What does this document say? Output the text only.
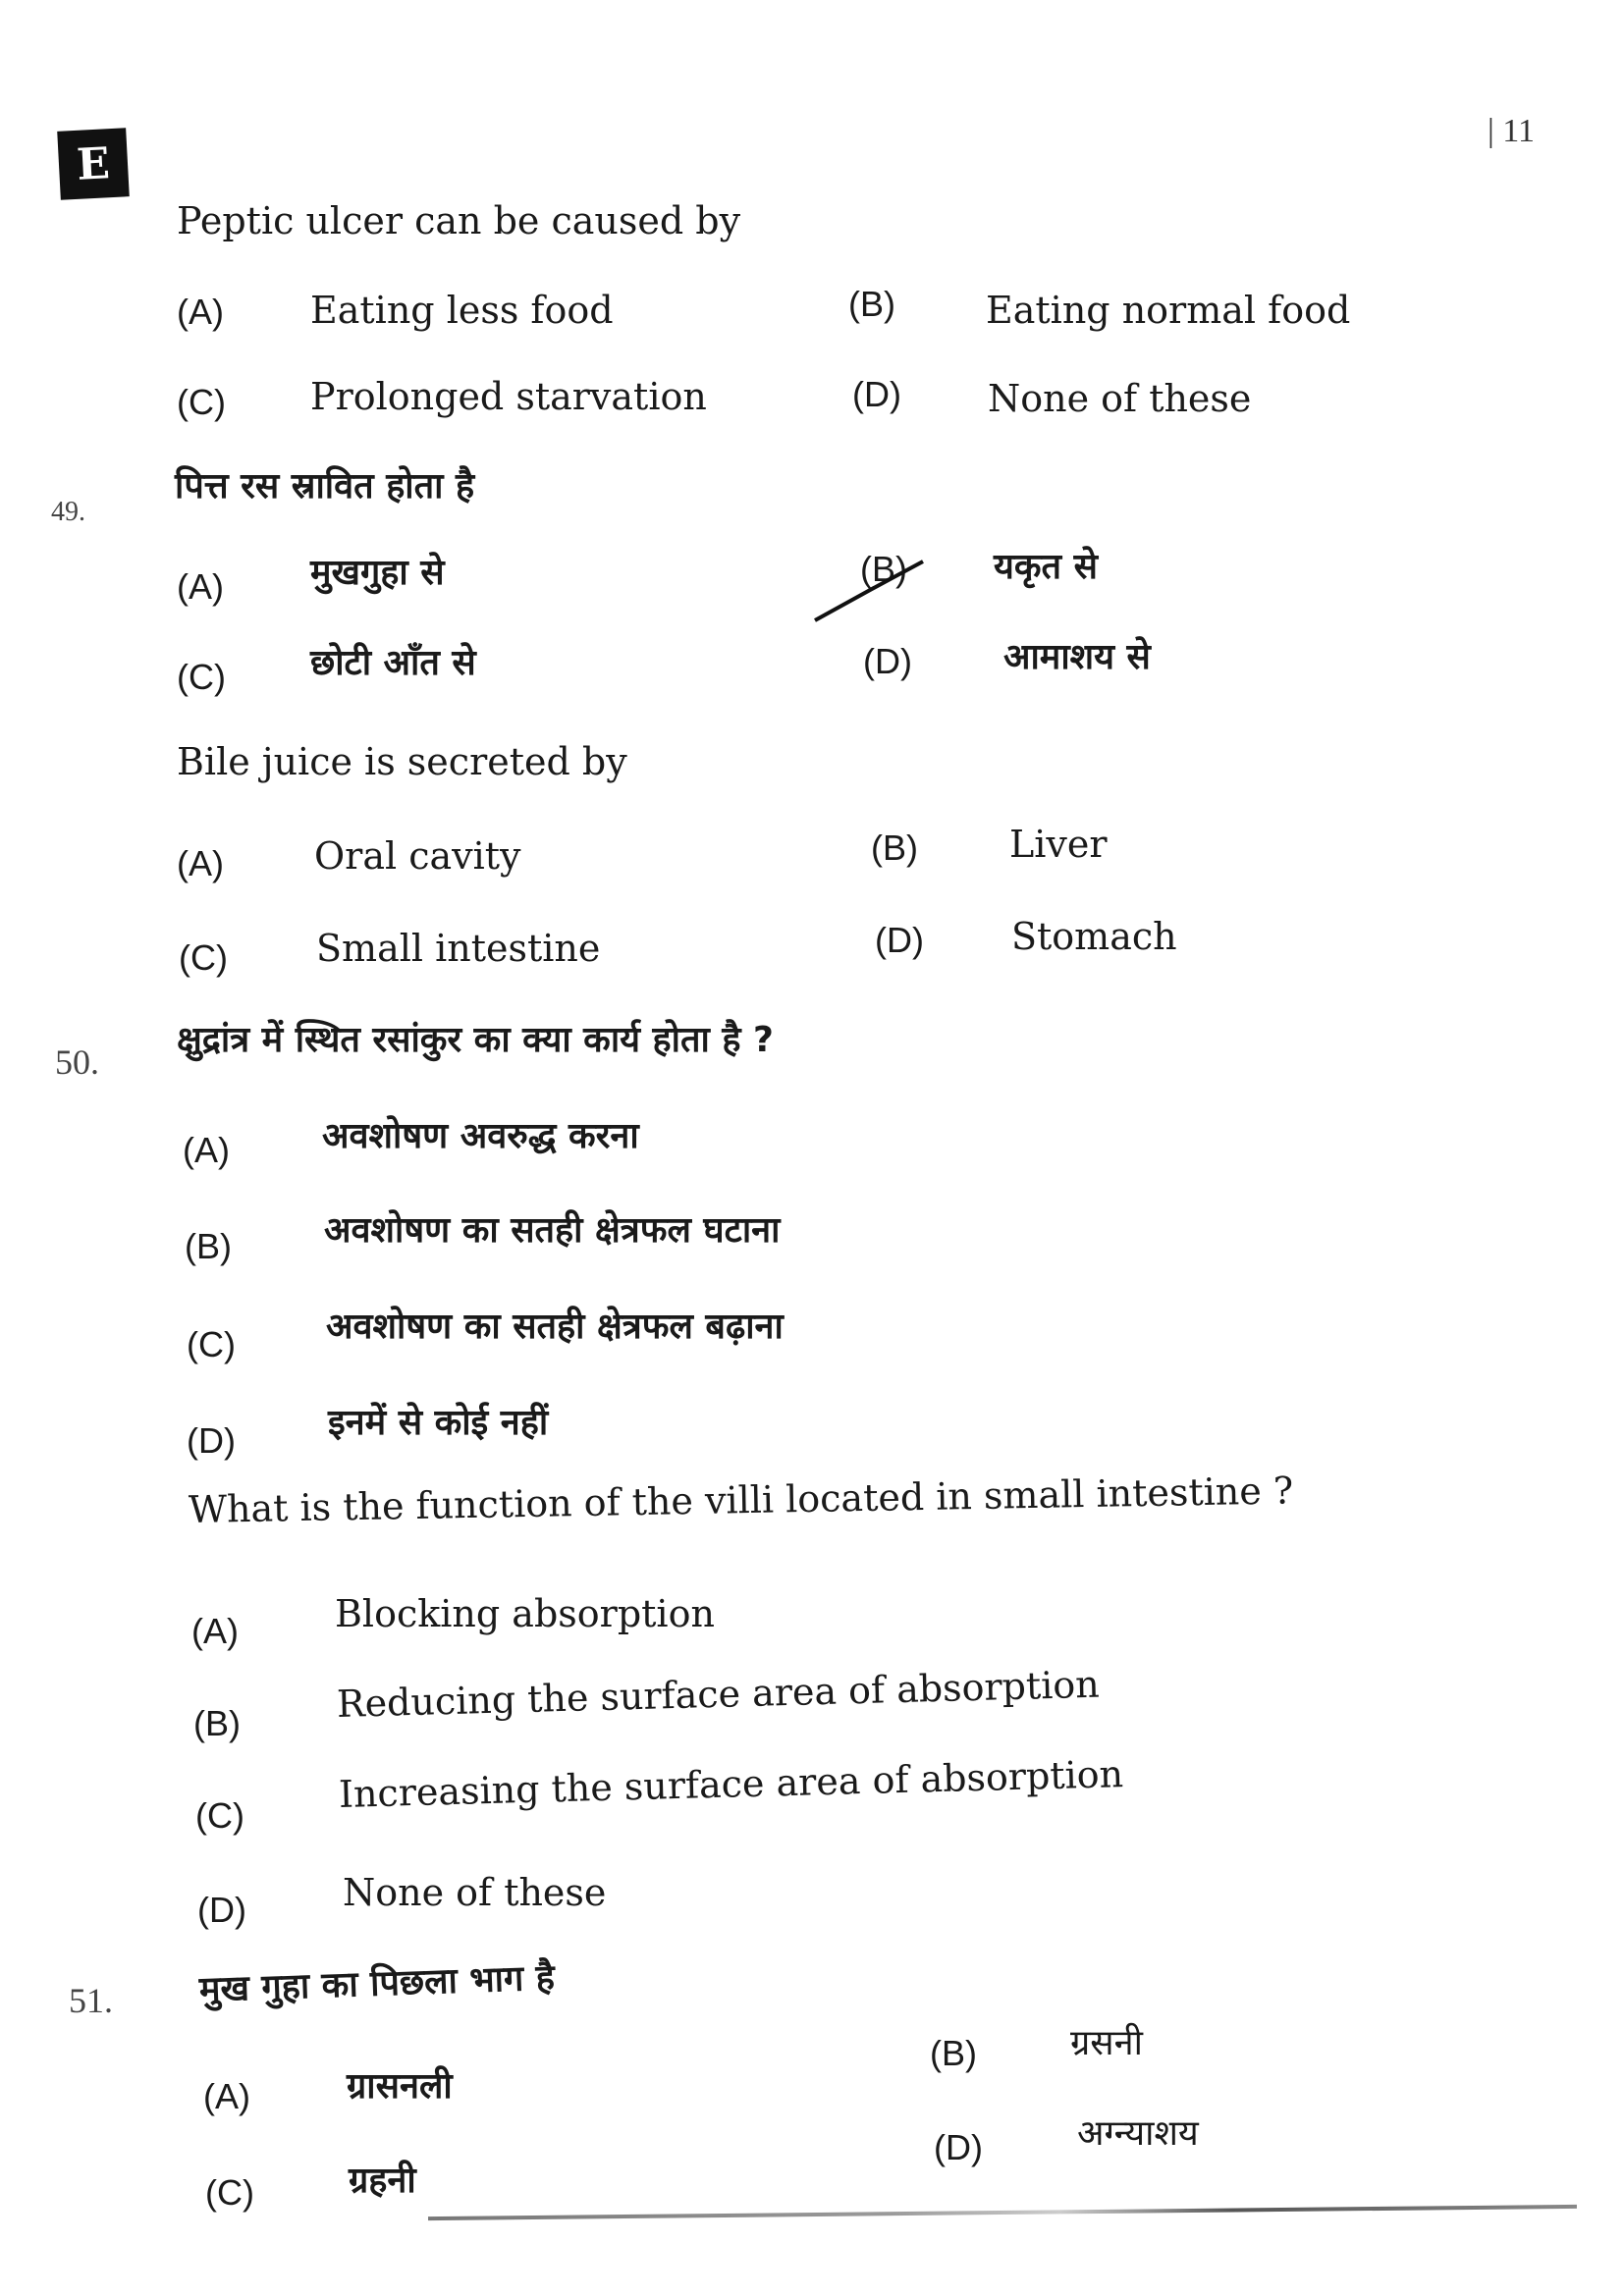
E
| 11
Peptic ulcer can be caused by
(A) Eating less food	(B) Eating normal food
(C) Prolonged starvation	(D) None of these
49.
पित्त रस स्रावित होता है
(A) मुखगुहा से	(B) यकृत से
(C) छोटी आँत से	(D)	आमाशय से
Bile juice is secreted by
(A) Oral cavity	(B) Liver
(C) Small intestine	(D) Stomach
50.
क्षुद्रांत्र में स्थित रसांकुर का क्या कार्य होता है ?
(A)	अवशोषण अवरुद्ध करना
(B)	अवशोषण का सतही क्षेत्रफल घटाना
(C)	अवशोषण का सतही क्षेत्रफल बढ़ाना
(D)	इनमें से कोई नहीं
What is the function of the villi located in small intestine ?
(A)	Blocking absorption
(B)	Reducing the surface area of absorption
(C)	Increasing the surface area of absorption
(D)	None of these
51. मुख गुहा का पिछला भाग है
(A)	ग्रासनली
(B)	ग्रसनी
(C)	ग्रहनी
(D)	अग्न्याशय
